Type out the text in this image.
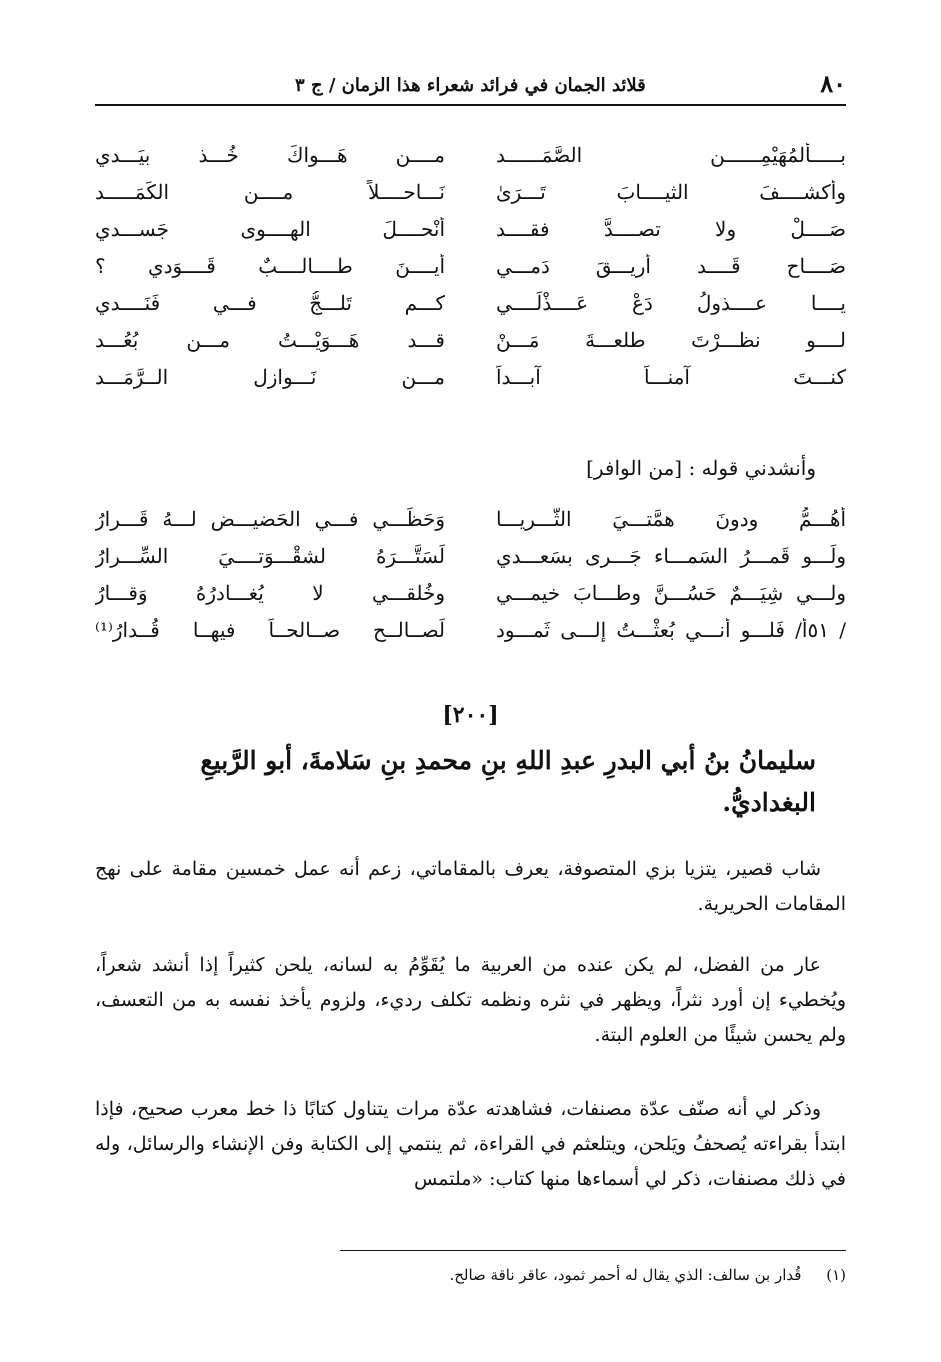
٨٠
قلائد الجمان في فرائد شعراء هذا الزمان / ج ٣
بـــــأَلمُهَيْمِــــــن الصَّمَــــــد
مــــن هَـــواكَ خُـــذ بيَـــدي
وأكشــــفَ الثيــــابَ تَـــرَىٰ
نَـــاحــــلاً مــــن الكَمَـــــد
صَــــلْ ولا تصــــدَّ فقــــد
أنْحــــلَ الهــــوى جَســـدي
صَــــاحِ قَــــد أُريـــقَ دَمـــي
أيــــنَ طــــالــــبٌ قَــــوَدي ؟
يــــا عــــذولُ دَعْ عَــــذْلَــــي
كـــم تَلـــجُّ فـــي فَنَــــدي
لــــو نظـــرْتَ طلعـــةَ مَـــنْ
قـــد هَـــوَيْـــتُ مـــن بُعُـــد
كنـــتَ آمنـــاً آبـــداً
مـــن نَـــوازِل الــرَّمَـــد
وأنشدني قوله : [من الوافر]
أهُـــمُّ ودونَ همَّتـــيَ الثُّـــريـــا
وَحَظِّـــي فـــي الحَضيـــض لـــهُ قَـــرارُ
ولَـــو قَمـــرُ السَمـــاء جَـــرى بسَعـــدي
لَسَتَّـــرَهُ لشقْـــوَتــــيَ السِّـــرارُ
ولـــي شِيَـــمٌ حَسُـــنَّ وطـــابَ خيمـــي
وخُلقـــي لا يُغـــادرُهُ وَقـــارُ
/ ٥١أ/ فَلـــو أنـــي بُعثْـــتُ إلـــى ثَمـــود
لَصــالــح صــالحــاً فيهــا قُــدارُ⁽¹⁾
[٢٠٠]
سليمانُ بنُ أبي البدرِ عبدِ اللهِ بنِ محمدِ بنِ سَلامةَ، أبو الرَّبيعِ البغداديُّ.

شاب قصير، يتزيا بزي المتصوفة، يعرف بالمقاماتي، زعم أنه عمل خمسين مقامة على نهج المقامات الحريرية.

عار من الفضل، لم يكن عنده من العربية ما يُقَوِّمُ به لسانه، يلحن كثيراً إذا أنشد شعراً، ويُخطيء إن أورد نثراً، ويظهر في نثره ونظمه تكلف رديء، ولزوم يأخذ نفسه به من التعسف، ولم يحسن شيئًا من العلوم البتة.

وذكر لي أنه صنّف عدّة مصنفات، فشاهدته عدّة مرات يتناول كتابًا ذا خط معرب صحيح، فإذا ابتدأ بقراءته يُصحفُ ويَلحن، ويتلعثم في القراءة، ثم ينتمي إلى الكتابة وفن الإنشاء والرسائل، وله في ذلك مصنفات، ذكر لي أسماءها منها كتاب: «ملتمس

(١) قُدار بن سالف: الذي يقال له أحمر ثمود، عاقر ناقة صالح.
